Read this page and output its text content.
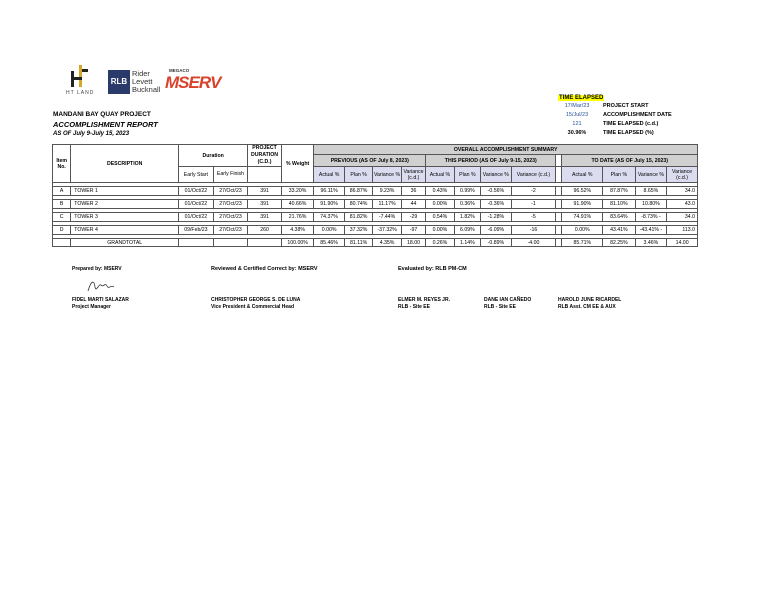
HT LAND
RLB
Rider
Levett
Bucknall
MEGACO
MSERV
MANDANI BAY QUAY PROJECT
ACCOMPLISHMENT REPORT
AS OF July 9-July 15, 2023
TIME ELAPSED
17/Mar/23 PROJECT START
15/Jul/23	ACCOMPLISHMENT DATE
121	TIME ELAPSED (c.d.)
30.96%	TIME ELAPSED (%)
Item No.	DESCRIPTION	Duration		PROJECT DURATION (C.D.)	% Weight	OVERALL ACCOMPLISHMENT SUMMARY												
						PREVIOUS (AS OF July 8, 2023)				THIS PERIOD (AS OF July 9-15, 2023)					TO DATE (AS OF July 15, 2023)			
		Early Start	Early Finish			Actual %	Plan %	Variance %	Variance (c.d.)	Actual %	Plan %	Variance %	Variance (c.d.)		Actual %	Plan %	Variance %	Variance (c.d.)

A	TOWER 1	01/Oct/22	27/Oct/23	391	33.20%	96.11%	86.87%	9.23%	36	0.43%	0.99%	-0.56%	-2		96.52%	87.87%	8.65%	34.0

B	TOWER 2	01/Oct/22	27/Oct/23	391	40.66%	91.90%	80.74%	11.17%	44	0.00%	0.36%	-0.36%	-1		91.90%	81.10%	10.80%	43.0

C	TOWER 3	01/Oct/22	27/Oct/23	391	21.76%	74.37%	81.82%	-7.44%	-29	0.54%	1.82%	-1.28%	-5		74.91%	83.64%	-8.73% -	34.0

D	TOWER 4	09/Feb/23	27/Oct/23	260	4.38%	0.00%	37.32%	-37.32%	-97	0.00%	6.09%	-6.09%	-16		0.00%	43.41%	-43.41% -	113.0

	GRANDTOTAL				100.00%	85.46%	81.11%	4.35%	18.00	0.26%	1.14%	-0.89%	-4.00		85.71%	82.25%	3.46%	14.00
Prepared by: MSERV	Reviewed & Certified Correct by: MSERV	Evaluated by: RLB PM-CM
FIDEL MARTI SALAZAR
Project Manager
CHRISTOPHER GEORGE S. DE LUNA
Vice President & Commercial Head
ELMER M. REYES JR.
RLB - Site EE
DANE IAN CAÑEDO
RLB - Site EE
HAROLD JUNE RICARDEL
RLB Asst. CM EE & AUX
